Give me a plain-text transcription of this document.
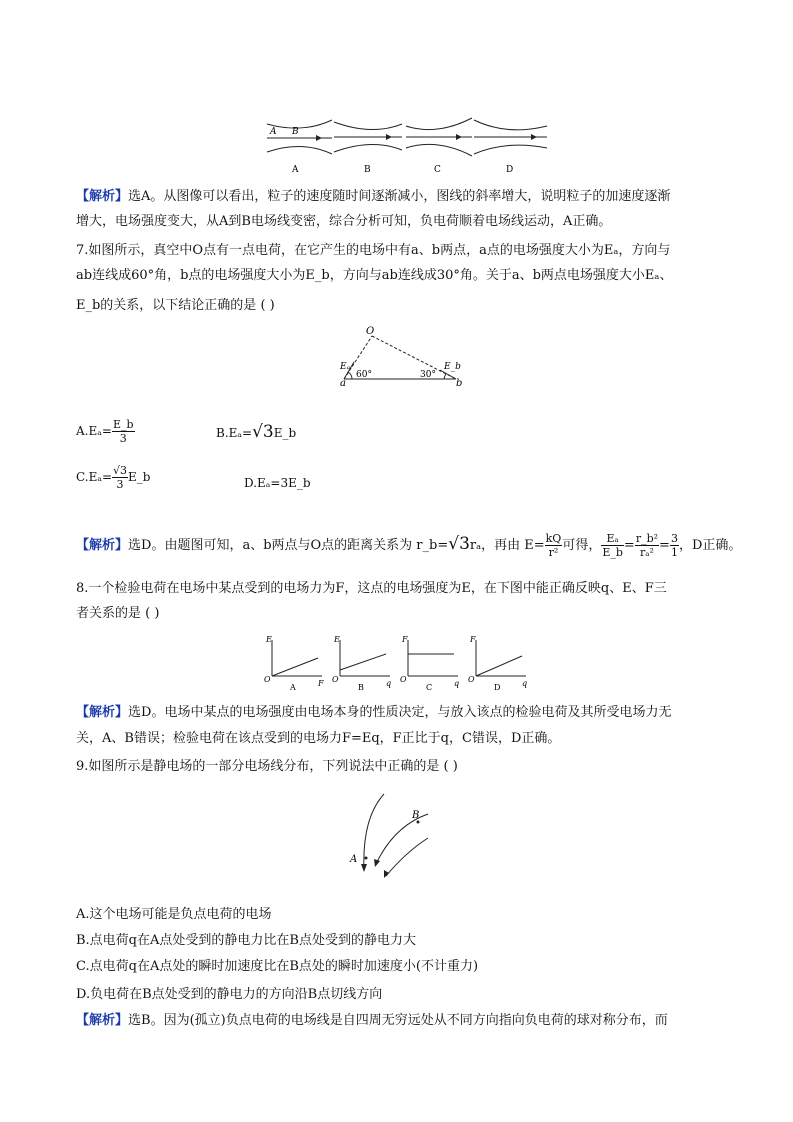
A B
A	B	C	D
【解析】选A。从图像可以看出，粒子的速度随时间逐渐减小，图线的斜率增大，说明粒子的加速度逐渐
增大，电场强度变大，从A到B电场线变密，综合分析可知，负电荷顺着电场线运动，A正确。
7.如图所示，真空中O点有一点电荷，在它产生的电场中有a、b两点，a点的电场强度大小为Eₐ，方向与
ab连线成60°角，b点的电场强度大小为E_b，方向与ab连线成30°角。关于a、b两点电场强度大小Eₐ、
E_b的关系，以下结论正确的是 ( )
O
Eₐ	E_b
60°	30°
a	b
$A.E_a= \frac{E\_b}{3}$	B.Eₐ=√3E_b
$C.E_a= \frac{√3}{3}$ E_b	D.Eₐ=3E_b
【解析】选D。由题图可知，a、b两点与O点的距离关系为 r_b=√3rₐ，再由 $E= \frac{kQ}{\text{r²}}$ 可得， $\frac{\text{Eₐ}}{E\_b} = \frac{\text{r\_b²}}{\text{rₐ²}} = \frac{3}{1}$ ，D正确。
8.一个检验电荷在电场中某点受到的电场力为F，这点的电场强度为E，在下图中能正确反映q、E、F三
者关系的是 ( )
E
O	F
E
O	q
F
O	q
F
O	q
A	B	C	D
【解析】选D。电场中某点的电场强度由电场本身的性质决定，与放入该点的检验电荷及其所受电场力无
关，A、B错误；检验电荷在该点受到的电场力F=Eq，F正比于q，C错误，D正确。
9.如图所示是静电场的一部分电场线分布，下列说法中正确的是 ( )
A
B
A.这个电场可能是负点电荷的电场
B.点电荷q在A点处受到的静电力比在B点处受到的静电力大
C.点电荷q在A点处的瞬时加速度比在B点处的瞬时加速度小(不计重力)
D.负电荷在B点处受到的静电力的方向沿B点切线方向
【解析】选B。因为(孤立)负点电荷的电场线是自四周无穷远处从不同方向指向负电荷的球对称分布，而
